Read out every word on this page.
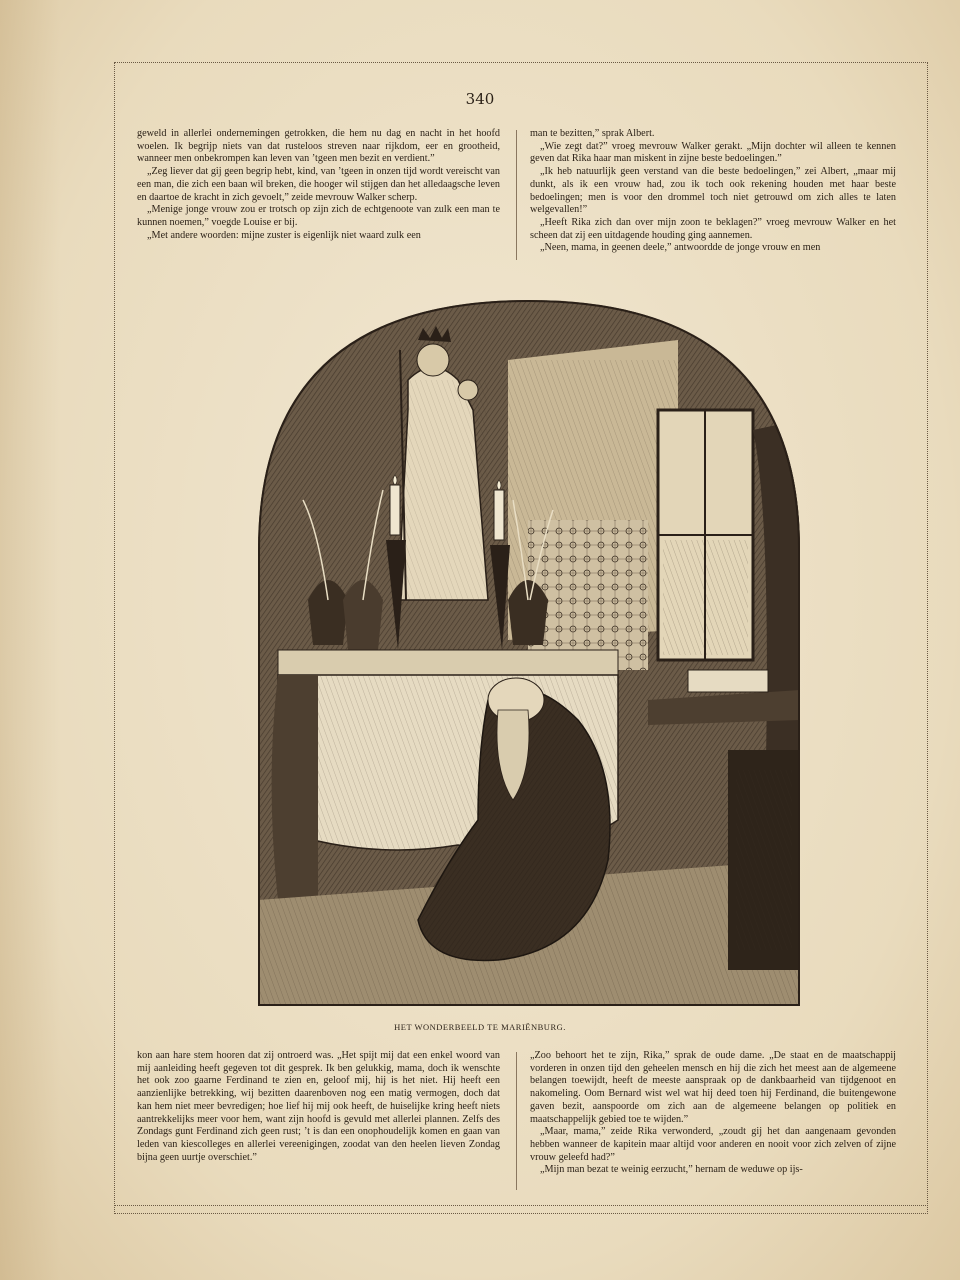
340

geweld in allerlei ondernemingen getrokken, die hem nu dag en nacht in het hoofd woelen. Ik begrijp niets van dat rusteloos streven naar rijkdom, eer en grootheid, wanneer men onbekrompen kan leven van ’tgeen men bezit en verdient.”

„Zeg liever dat gij geen begrip hebt, kind, van ’tgeen in onzen tijd wordt vereischt van een man, die zich een baan wil breken, die hooger wil stijgen dan het alledaagsche leven en daartoe de kracht in zich gevoelt,” zeide mevrouw Walker scherp.

„Menige jonge vrouw zou er trotsch op zijn zich de echtgenoote van zulk een man te kunnen noemen,” voegde Louise er bij.

„Met andere woorden: mijne zuster is eigenlijk niet waard zulk een

man te bezitten,” sprak Albert.

„Wie zegt dat?” vroeg mevrouw Walker gerakt. „Mijn dochter wil alleen te kennen geven dat Rika haar man miskent in zijne beste bedoelingen.”

„Ik heb natuurlijk geen verstand van die beste bedoelingen,” zei Albert, „maar mij dunkt, als ik een vrouw had, zou ik toch ook rekening houden met haar beste bedoelingen; men is voor den drommel toch niet getrouwd om zich alles te laten welgevallen!”

„Heeft Rika zich dan over mijn zoon te beklagen?” vroeg mevrouw Walker en het scheen dat zij een uitdagende houding ging aannemen.

„Neen, mama, in geenen deele,” antwoordde de jonge vrouw en men

HET WONDERBEELD TE MARIËNBURG.

kon aan hare stem hooren dat zij ontroerd was. „Het spijt mij dat een enkel woord van mij aanleiding heeft gegeven tot dit gesprek. Ik ben gelukkig, mama, doch ik wenschte het ook zoo gaarne Ferdinand te zien en, geloof mij, hij is het niet. Hij heeft een aanzienlijke betrekking, wij bezitten daarenboven nog een matig vermogen, doch dat kan hem niet meer bevredigen; hoe lief hij mij ook heeft, de huiselijke kring heeft niets aantrekkelijks meer voor hem, want zijn hoofd is gevuld met allerlei plannen. Zelfs des Zondags gunt Ferdinand zich geen rust; ’t is dan een onophoudelijk komen en gaan van leden van kiescolleges en allerlei vereenigingen, zoodat van den heelen lieven Zondag bijna geen uurtje overschiet.”

„Zoo behoort het te zijn, Rika,” sprak de oude dame. „De staat en de maatschappij vorderen in onzen tijd den geheelen mensch en hij die zich het meest aan de algemeene belangen toewijdt, heeft de meeste aanspraak op de dankbaarheid van tijdgenoot en nakomeling. Oom Bernard wist wel wat hij deed toen hij Ferdinand, die buitengewone gaven bezit, aanspoorde om zich aan de algemeene belangen op politiek en maatschappelijk gebied toe te wijden.”

„Maar, mama,” zeide Rika verwonderd, „zoudt gij het dan aangenaam gevonden hebben wanneer de kapitein maar altijd voor anderen en nooit voor zich zelven of zijne vrouw geleefd had?”

„Mijn man bezat te weinig eerzucht,” hernam de weduwe op ijs-
